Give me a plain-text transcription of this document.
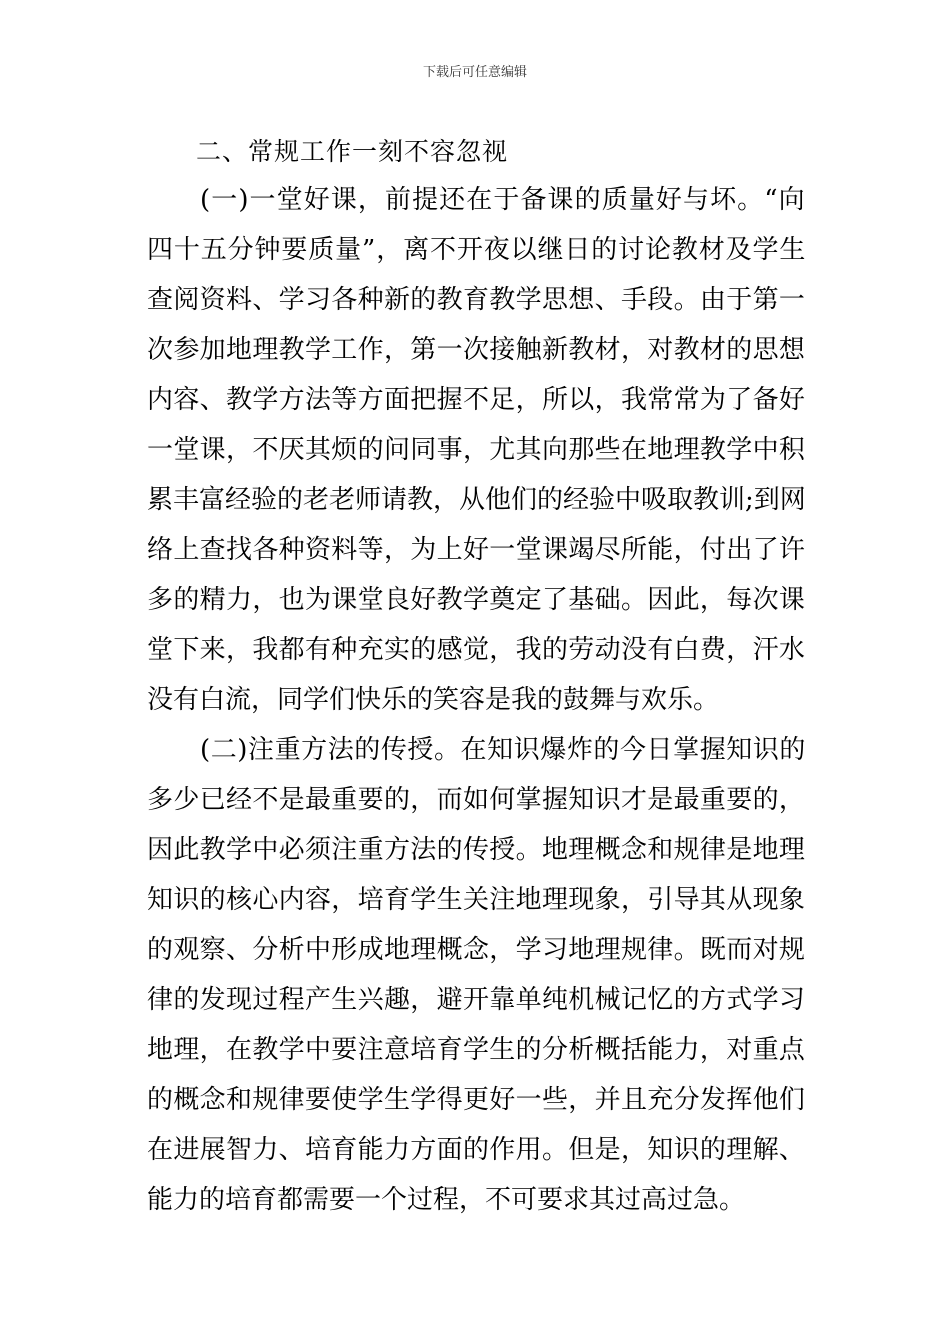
下载后可任意编辑
二、常规工作一刻不容忽视
(一)一堂好课，前提还在于备课的质量好与坏。“向
四十五分钟要质量”，离不开夜以继日的讨论教材及学生
查阅资料、学习各种新的教育教学思想、手段。由于第一
次参加地理教学工作，第一次接触新教材，对教材的思想
内容、教学方法等方面把握不足，所以，我常常为了备好
一堂课，不厌其烦的问同事，尤其向那些在地理教学中积
累丰富经验的老老师请教，从他们的经验中吸取教训;到网
络上查找各种资料等，为上好一堂课竭尽所能，付出了许
多的精力，也为课堂良好教学奠定了基础。因此，每次课
堂下来，我都有种充实的感觉，我的劳动没有白费，汗水
没有白流，同学们快乐的笑容是我的鼓舞与欢乐。
(二)注重方法的传授。在知识爆炸的今日掌握知识的
多少已经不是最重要的，而如何掌握知识才是最重要的，
因此教学中必须注重方法的传授。地理概念和规律是地理
知识的核心内容，培育学生关注地理现象，引导其从现象
的观察、分析中形成地理概念，学习地理规律。既而对规
律的发现过程产生兴趣，避开靠单纯机械记忆的方式学习
地理，在教学中要注意培育学生的分析概括能力，对重点
的概念和规律要使学生学得更好一些，并且充分发挥他们
在进展智力、培育能力方面的作用。但是，知识的理解、
能力的培育都需要一个过程，不可要求其过高过急。
